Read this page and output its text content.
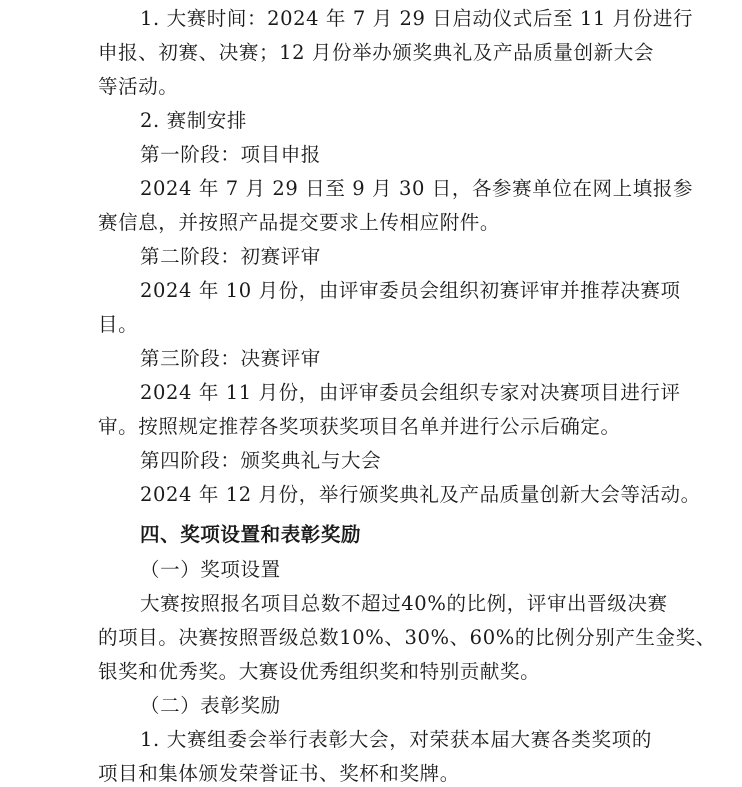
1. 大赛时间：2024 年 7 月 29 日启动仪式后至 11 月份进行
申报、初赛、决赛；12 月份举办颁奖典礼及产品质量创新大会
等活动。
2. 赛制安排
第一阶段：项目申报
2024 年 7 月 29 日至 9 月 30 日，各参赛单位在网上填报参
赛信息，并按照产品提交要求上传相应附件。
第二阶段：初赛评审
2024 年 10 月份，由评审委员会组织初赛评审并推荐决赛项
目。
第三阶段：决赛评审
2024 年 11 月份，由评审委员会组织专家对决赛项目进行评
审。按照规定推荐各奖项获奖项目名单并进行公示后确定。
第四阶段：颁奖典礼与大会
2024 年 12 月份，举行颁奖典礼及产品质量创新大会等活动。
四、奖项设置和表彰奖励
（一）奖项设置
大赛按照报名项目总数不超过40%的比例，评审出晋级决赛
的项目。决赛按照晋级总数10%、30%、60%的比例分别产生金奖、
银奖和优秀奖。大赛设优秀组织奖和特别贡献奖。
（二）表彰奖励
1. 大赛组委会举行表彰大会，对荣获本届大赛各类奖项的
项目和集体颁发荣誉证书、奖杯和奖牌。
